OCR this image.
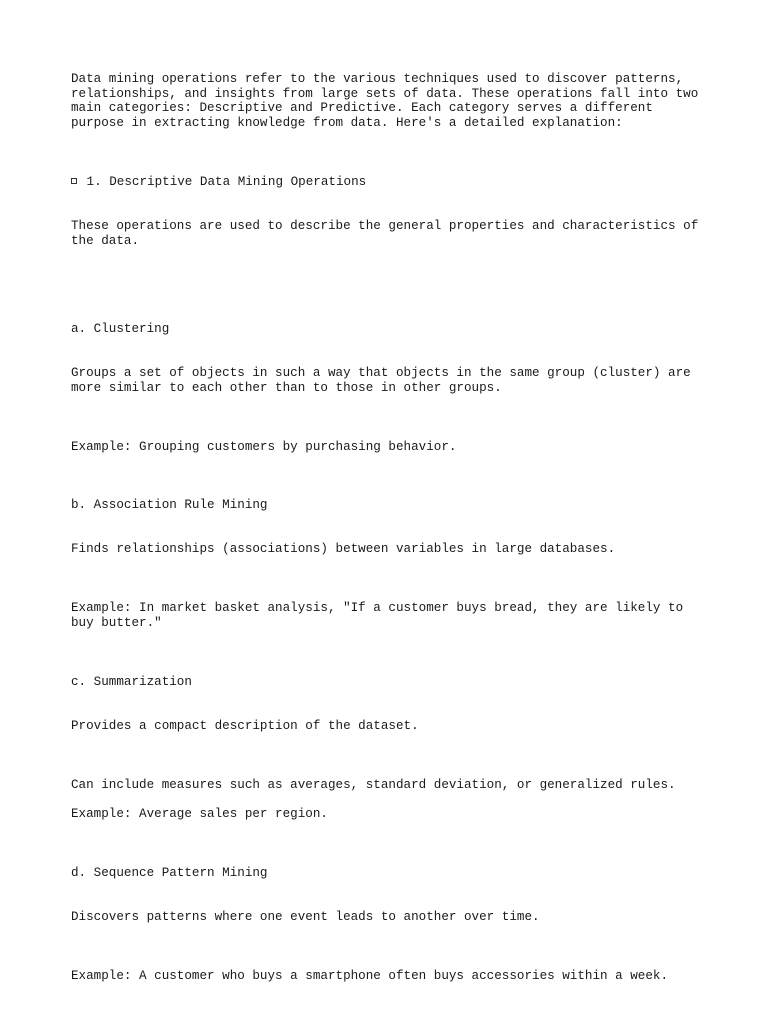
Data mining operations refer to the various techniques used to discover patterns, relationships, and insights from large sets of data. These operations fall into two main categories: Descriptive and Predictive. Each category serves a different purpose in extracting knowledge from data. Here's a detailed explanation:

1. Descriptive Data Mining Operations

These operations are used to describe the general properties and characteristics of the data.

a. Clustering

Groups a set of objects in such a way that objects in the same group (cluster) are more similar to each other than to those in other groups.

Example: Grouping customers by purchasing behavior.

b. Association Rule Mining

Finds relationships (associations) between variables in large databases.

Example: In market basket analysis, "If a customer buys bread, they are likely to buy butter."

c. Summarization

Provides a compact description of the dataset.

Can include measures such as averages, standard deviation, or generalized rules.

Example: Average sales per region.

d. Sequence Pattern Mining

Discovers patterns where one event leads to another over time.

Example: A customer who buys a smartphone often buys accessories within a week.
